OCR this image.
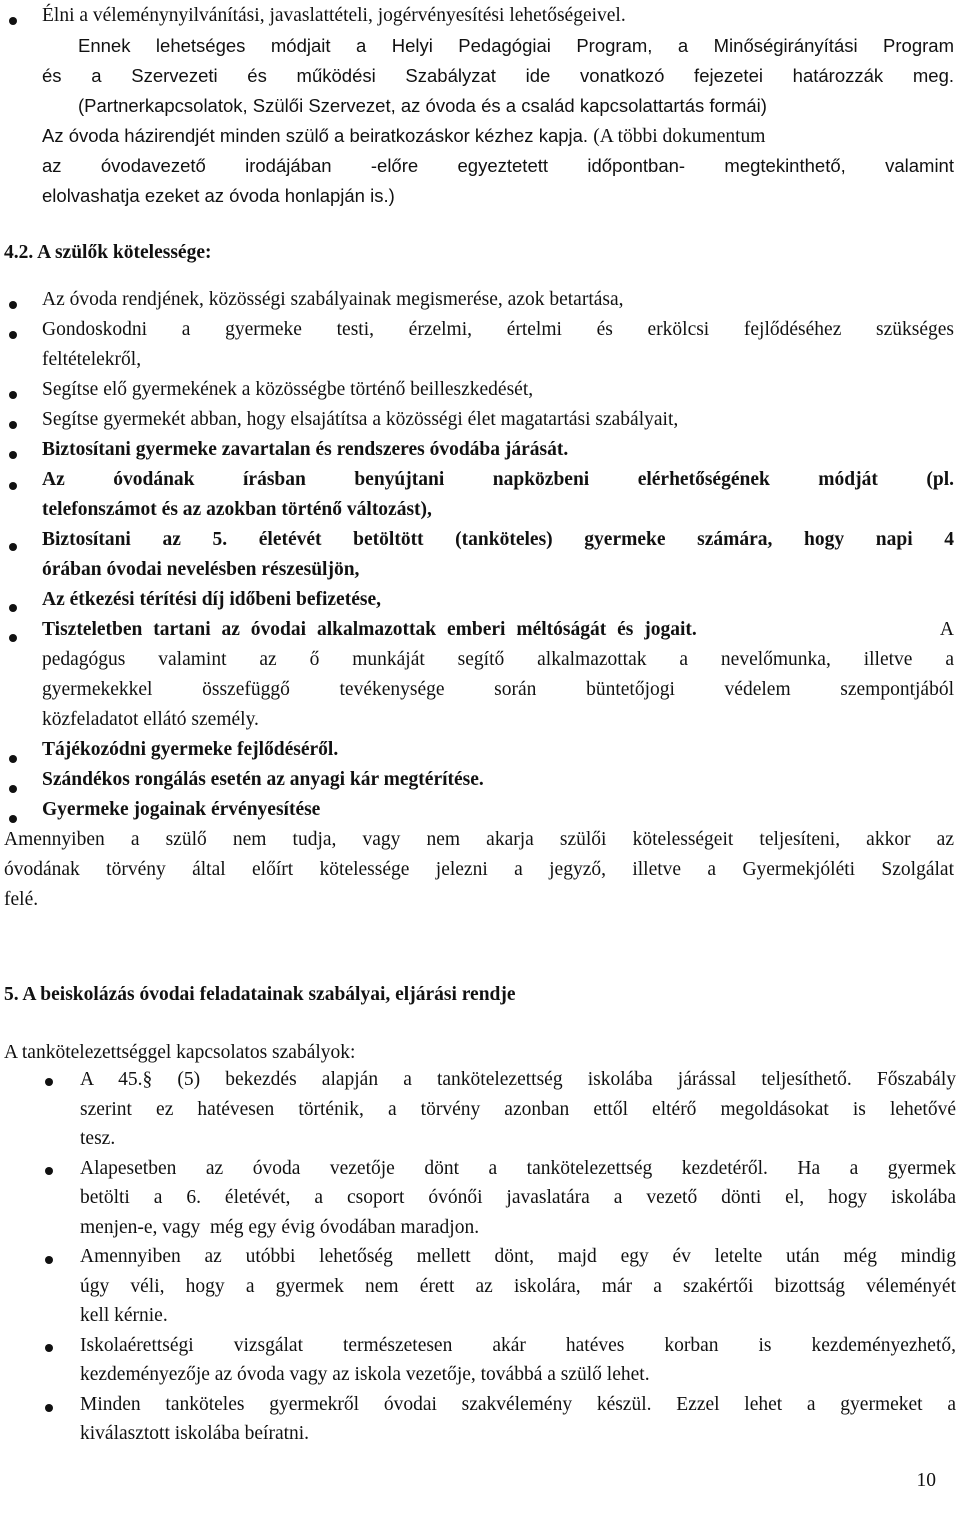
Élni a véleménynyilvánítási, javaslattételi, jogérvényesítési lehetőségeivel.
Ennek lehetséges módjait a Helyi Pedagógiai Program, a Minőségirányítási Program
és a Szervezeti és működési Szabályzat ide vonatkozó fejezetei határozzák meg.
(Partnerkapcsolatok, Szülői Szervezet, az óvoda és a család kapcsolattartás formái)
Az óvoda házirendjét minden szülő a beiratkozáskor kézhez kapja. (A többi dokumentum
az óvodavezető irodájában -előre egyeztetett időpontban- megtekinthető, valamint
elolvashatja ezeket az óvoda honlapján is.)
4.2. A szülők kötelessége:
Az óvoda rendjének, közösségi szabályainak megismerése, azok betartása,
Gondoskodni a gyermeke testi, érzelmi, értelmi és erkölcsi fejlődéséhez szükséges
feltételekről,
Segítse elő gyermekének a közösségbe történő beilleszkedését,
Segítse gyermekét abban, hogy elsajátítsa a közösségi élet magatartási szabályait,
Biztosítani gyermeke zavartalan és rendszeres óvodába járását.
Az óvodának írásban benyújtani napközbeni elérhetőségének módját (pl.
telefonszámot és az azokban történő változást),
Biztosítani az 5. életévét betöltött (tanköteles) gyermeke számára, hogy napi 4
órában óvodai nevelésben részesüljön,
Az étkezési térítési díj időbeni befizetése,
Tiszteletben tartani az óvodai alkalmazottak emberi méltóságát és jogait.	A
pedagógus valamint az ő munkáját segítő alkalmazottak a nevelőmunka, illetve a
gyermekekkel összefüggő tevékenysége során büntetőjogi védelem szempontjából
közfeladatot ellátó személy.
Tájékozódni gyermeke fejlődéséről.
Szándékos rongálás esetén az anyagi kár megtérítése.
Gyermeke jogainak érvényesítése
Amennyiben a szülő nem tudja, vagy nem akarja szülői kötelességeit teljesíteni, akkor az
óvodának törvény által előírt kötelessége jelezni a jegyző, illetve a Gyermekjóléti Szolgálat
felé.
5. A beiskolázás óvodai feladatainak szabályai, eljárási rendje
A tankötelezettséggel kapcsolatos szabályok:
A 45.§ (5) bekezdés alapján a tankötelezettség iskolába járással teljesíthető. Főszabály
szerint ez hatévesen történik, a törvény azonban ettől eltérő megoldásokat is lehetővé
tesz.
Alapesetben az óvoda vezetője dönt a tankötelezettség kezdetéről. Ha a gyermek
betölti a 6. életévét, a csoport óvónői javaslatára a vezető dönti el, hogy iskolába
menjen-e, vagy  még egy évig óvodában maradjon.
Amennyiben az utóbbi lehetőség mellett dönt, majd egy év letelte után még mindig
úgy véli, hogy a gyermek nem érett az iskolára, már a szakértői bizottság véleményét
kell kérnie.
Iskolaérettségi vizsgálat természetesen akár hatéves korban is kezdeményezhető,
kezdeményezője az óvoda vagy az iskola vezetője, továbbá a szülő lehet.
Minden tanköteles gyermekről óvodai szakvélemény készül. Ezzel lehet a gyermeket a
kiválasztott iskolába beíratni.
10
